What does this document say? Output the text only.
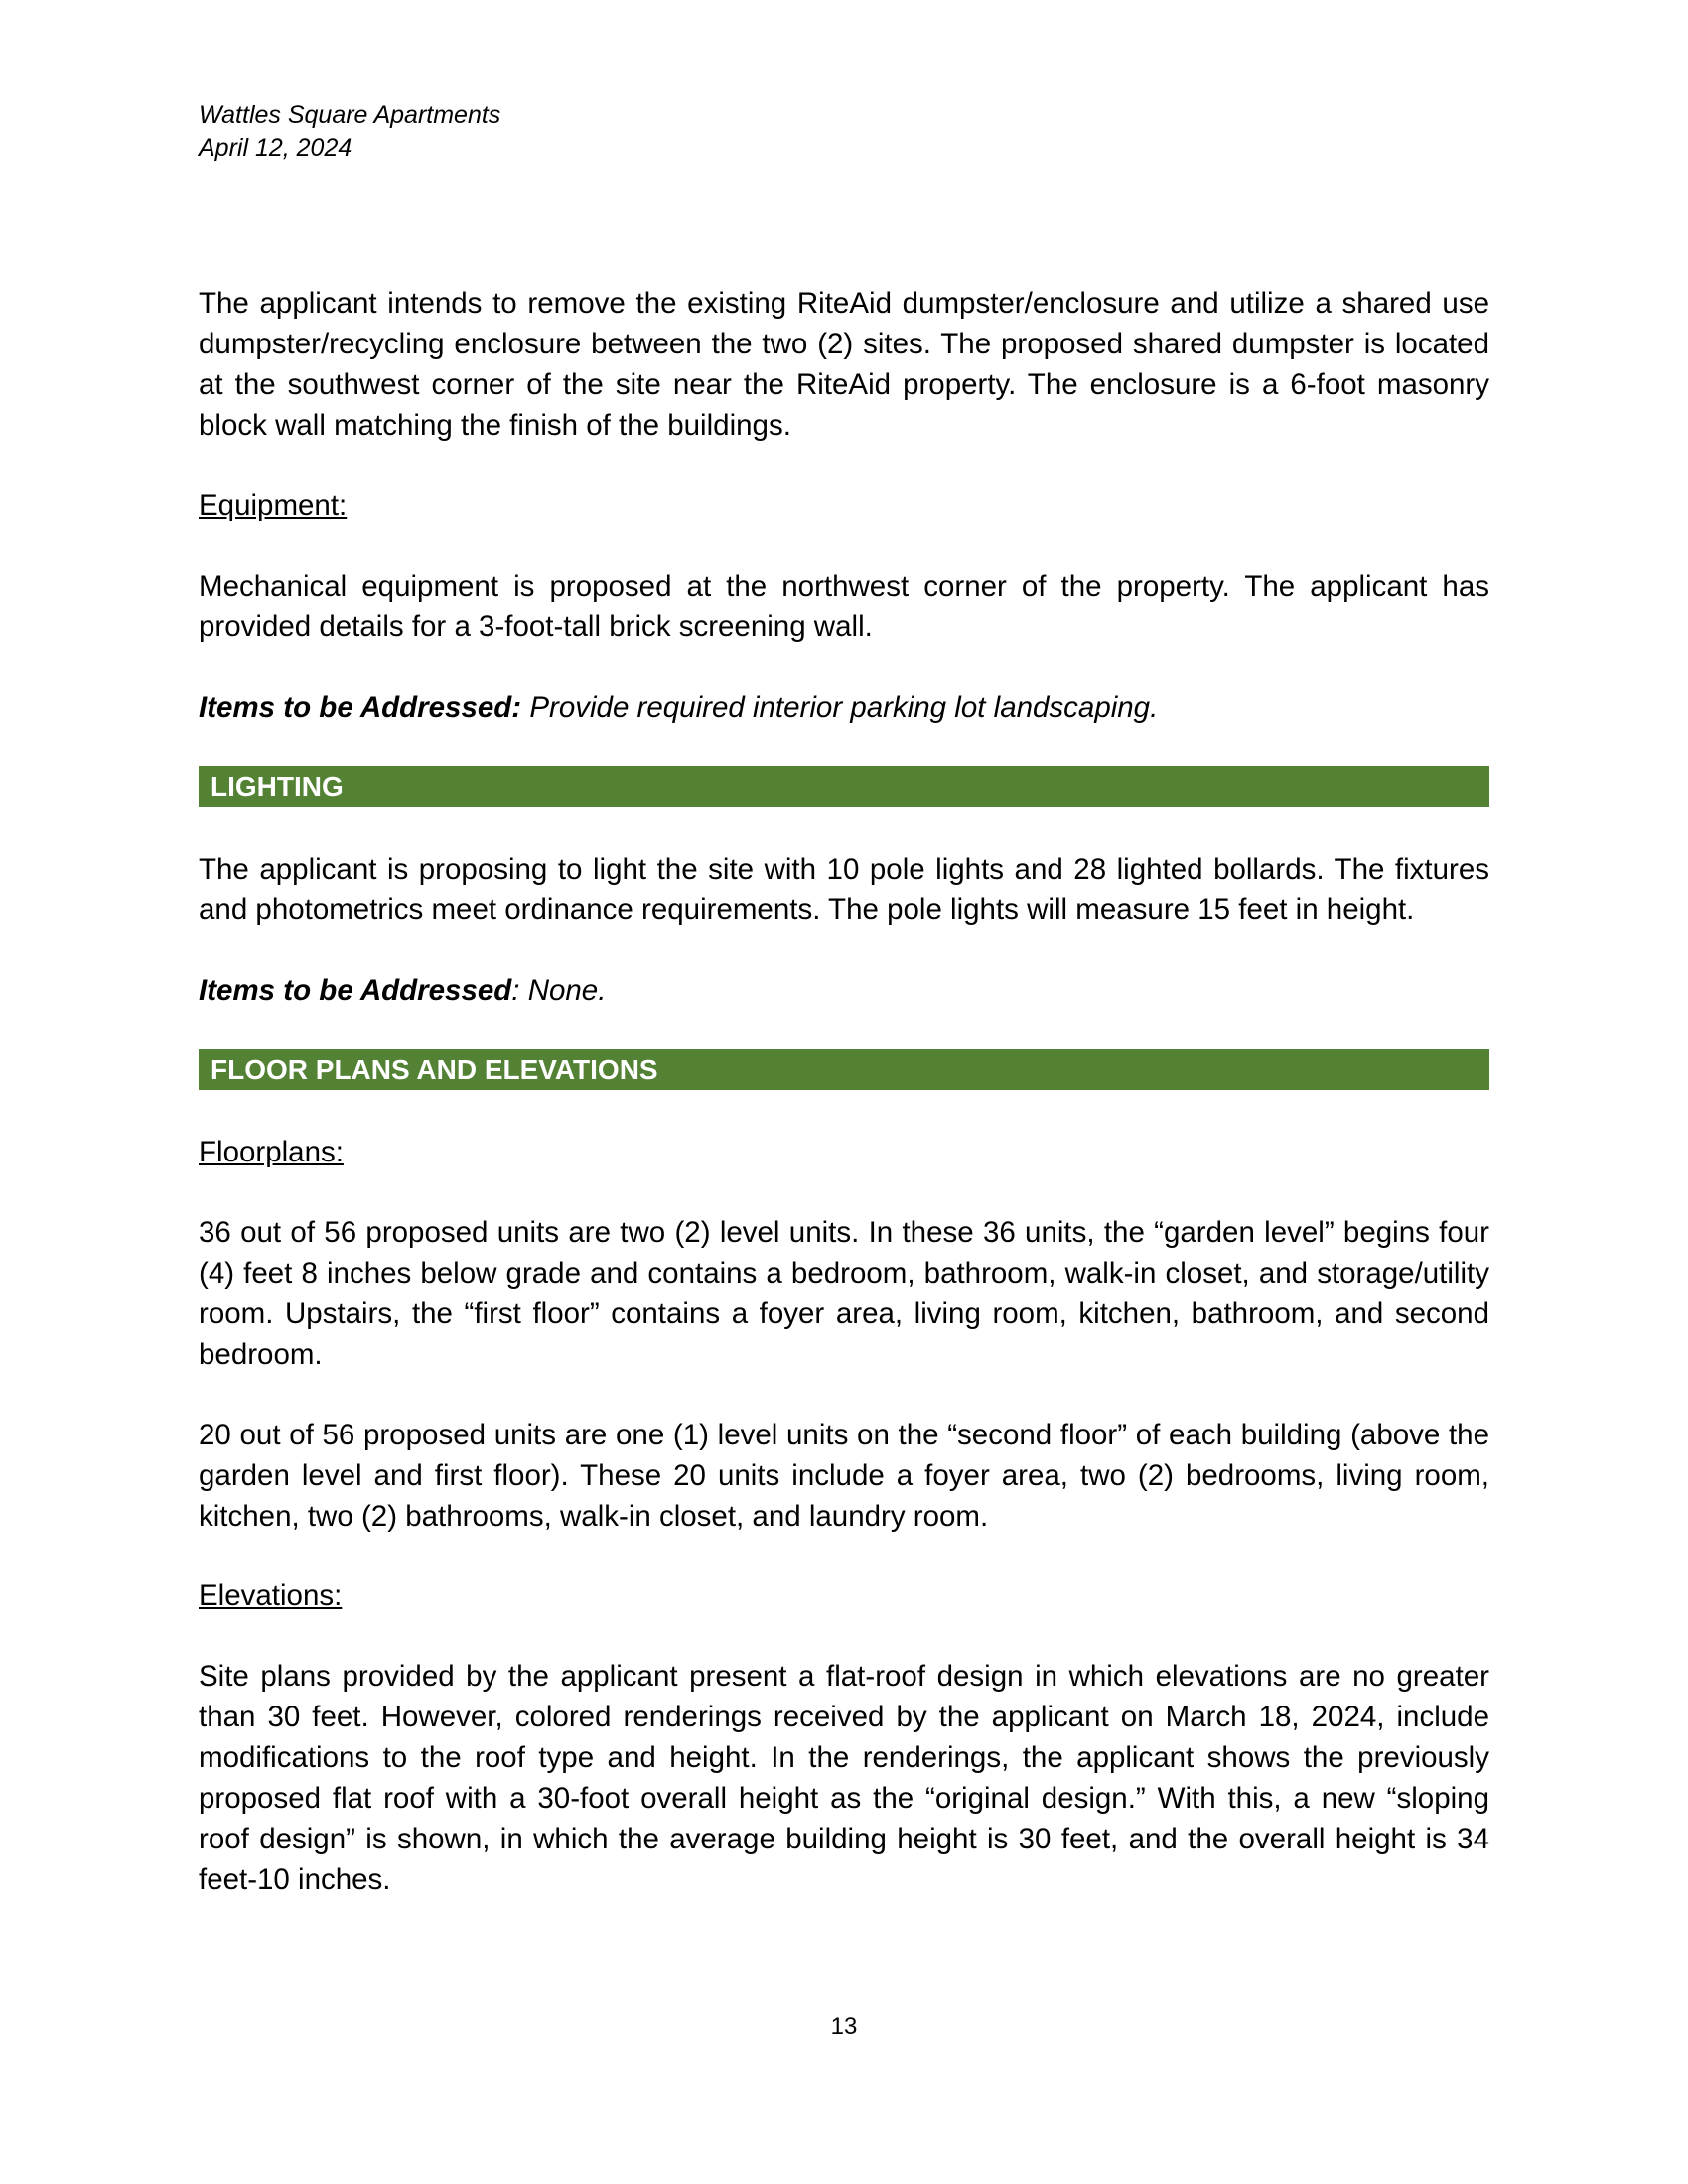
Wattles Square Apartments
April 12, 2024

The applicant intends to remove the existing RiteAid dumpster/enclosure and utilize a shared use dumpster/recycling enclosure between the two (2) sites. The proposed shared dumpster is located at the southwest corner of the site near the RiteAid property. The enclosure is a 6-foot masonry block wall matching the finish of the buildings.

Equipment:

Mechanical equipment is proposed at the northwest corner of the property. The applicant has provided details for a 3-foot-tall brick screening wall.

Items to be Addressed: Provide required interior parking lot landscaping.

LIGHTING

The applicant is proposing to light the site with 10 pole lights and 28 lighted bollards. The fixtures and photometrics meet ordinance requirements. The pole lights will measure 15 feet in height.

Items to be Addressed: None.

FLOOR PLANS AND ELEVATIONS

Floorplans:

36 out of 56 proposed units are two (2) level units. In these 36 units, the “garden level” begins four (4) feet 8 inches below grade and contains a bedroom, bathroom, walk-in closet, and storage/utility room. Upstairs, the “first floor” contains a foyer area, living room, kitchen, bathroom, and second bedroom.

20 out of 56 proposed units are one (1) level units on the “second floor” of each building (above the garden level and first floor). These 20 units include a foyer area, two (2) bedrooms, living room, kitchen, two (2) bathrooms, walk-in closet, and laundry room.

Elevations:

Site plans provided by the applicant present a flat-roof design in which elevations are no greater than 30 feet. However, colored renderings received by the applicant on March 18, 2024, include modifications to the roof type and height. In the renderings, the applicant shows the previously proposed flat roof with a 30-foot overall height as the “original design.” With this, a new “sloping roof design” is shown, in which the average building height is 30 feet, and the overall height is 34 feet-10 inches.

13
